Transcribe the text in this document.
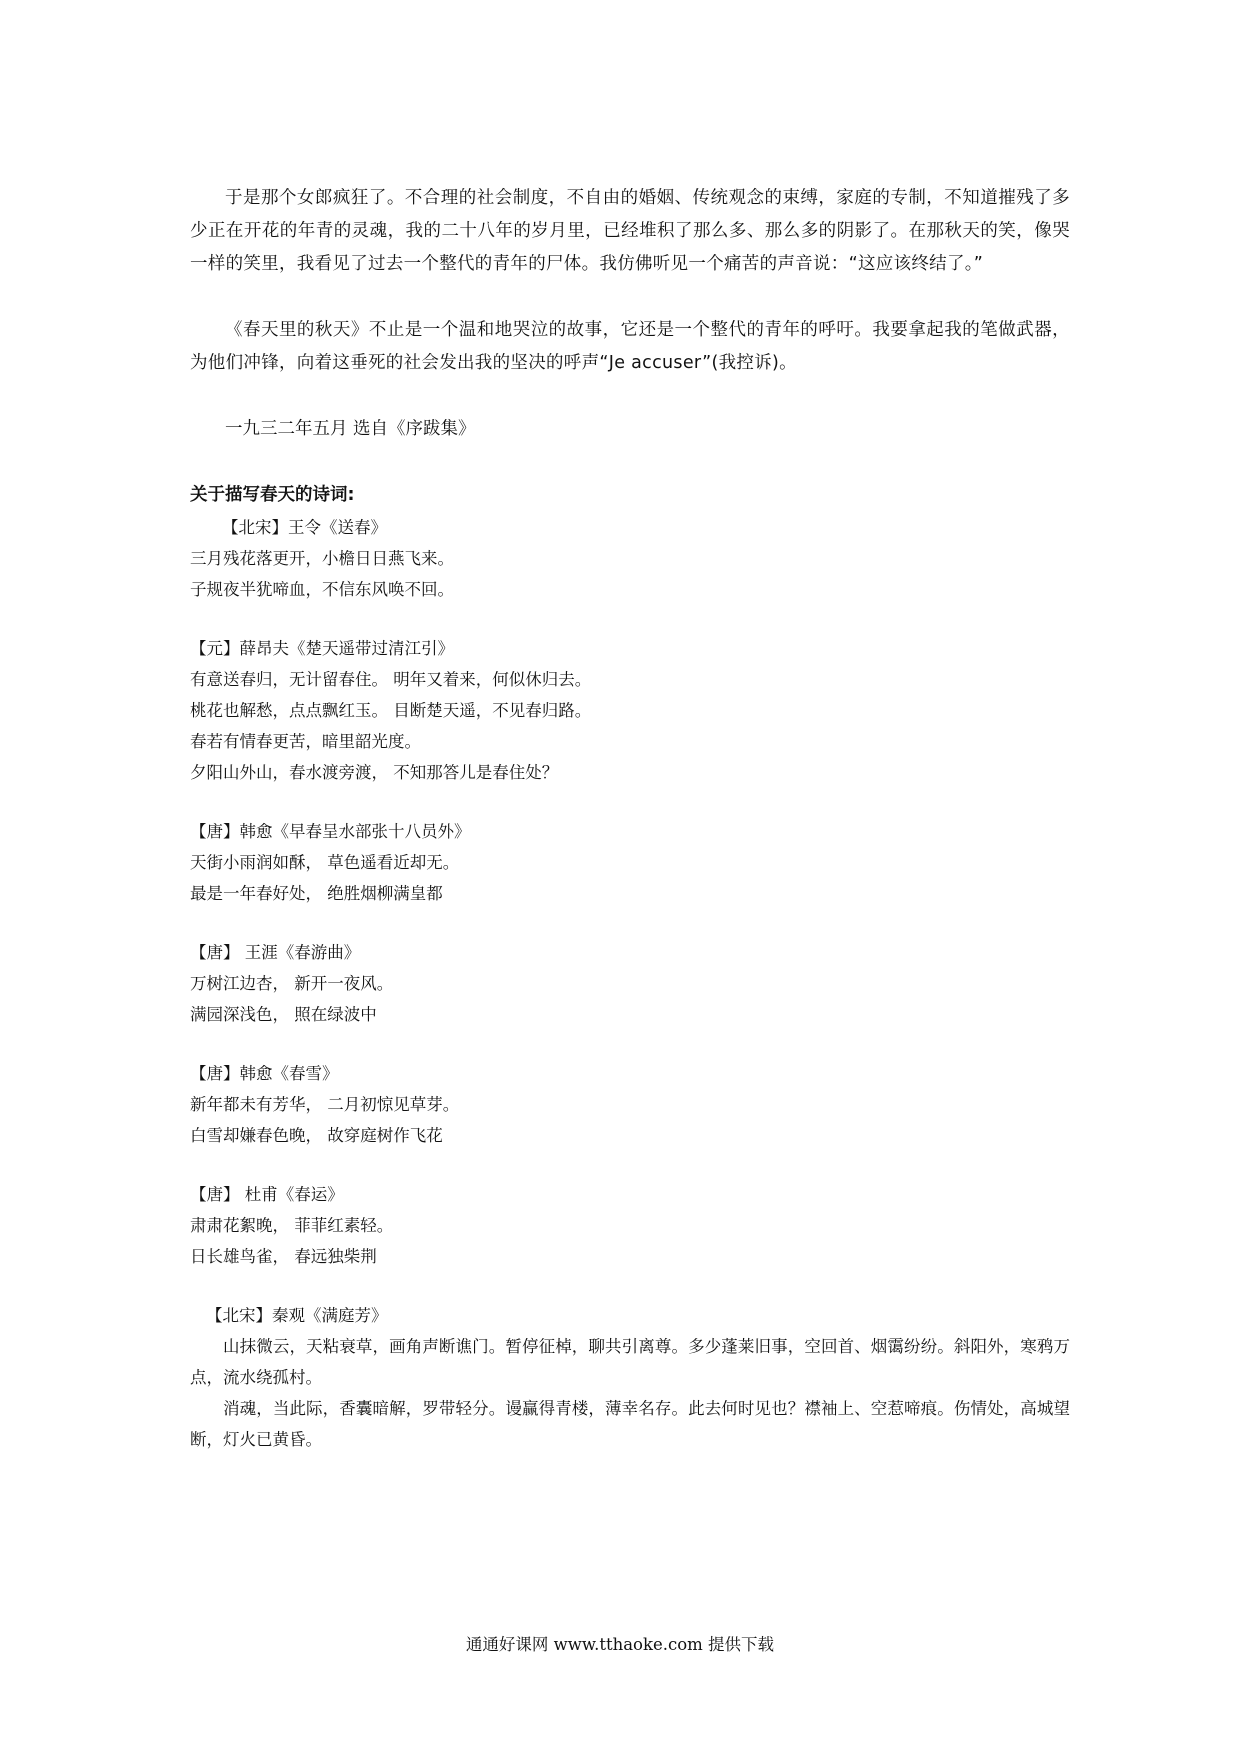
于是那个女郎疯狂了。不合理的社会制度，不自由的婚姻、传统观念的束缚，家庭的专制，不知道摧残了多少正在开花的年青的灵魂，我的二十八年的岁月里，已经堆积了那么多、那么多的阴影了。在那秋天的笑，像哭一样的笑里，我看见了过去一个整代的青年的尸体。我仿佛听见一个痛苦的声音说：“这应该终结了。”

《春天里的秋天》不止是一个温和地哭泣的故事，它还是一个整代的青年的呼吁。我要拿起我的笔做武器，为他们冲锋，向着这垂死的社会发出我的坚决的呼声“Je accuser”(我控诉)。

一九三二年五月 选自《序跋集》

关于描写春天的诗词:

【北宋】王令《送春》

三月残花落更开，小檐日日燕飞来。

子规夜半犹啼血，不信东风唤不回。

【元】薛昂夫《楚天遥带过清江引》

有意送春归，无计留春住。 明年又着来，何似休归去。

桃花也解愁，点点飘红玉。 目断楚天遥，不见春归路。

春若有情春更苦，暗里韶光度。

夕阳山外山，春水渡旁渡， 不知那答儿是春住处？

【唐】韩愈《早春呈水部张十八员外》

天街小雨润如酥， 草色遥看近却无。

最是一年春好处， 绝胜烟柳满皇都

【唐】 王涯《春游曲》

万树江边杏， 新开一夜风。

满园深浅色， 照在绿波中

【唐】韩愈《春雪》

新年都未有芳华， 二月初惊见草芽。

白雪却嫌春色晚， 故穿庭树作飞花

【唐】 杜甫《春运》

肃肃花絮晚， 菲菲红素轻。

日长雄鸟雀， 春远独柴荆

【北宋】秦观《满庭芳》

山抹微云，天粘衰草，画角声断谯门。暂停征棹，聊共引离尊。多少蓬莱旧事，空回首、烟霭纷纷。斜阳外，寒鸦万点，流水绕孤村。

消魂，当此际，香囊暗解，罗带轻分。谩赢得青楼，薄幸名存。此去何时见也？襟袖上、空惹啼痕。伤情处，高城望断，灯火已黄昏。

通通好课网 www.tthaoke.com 提供下载
